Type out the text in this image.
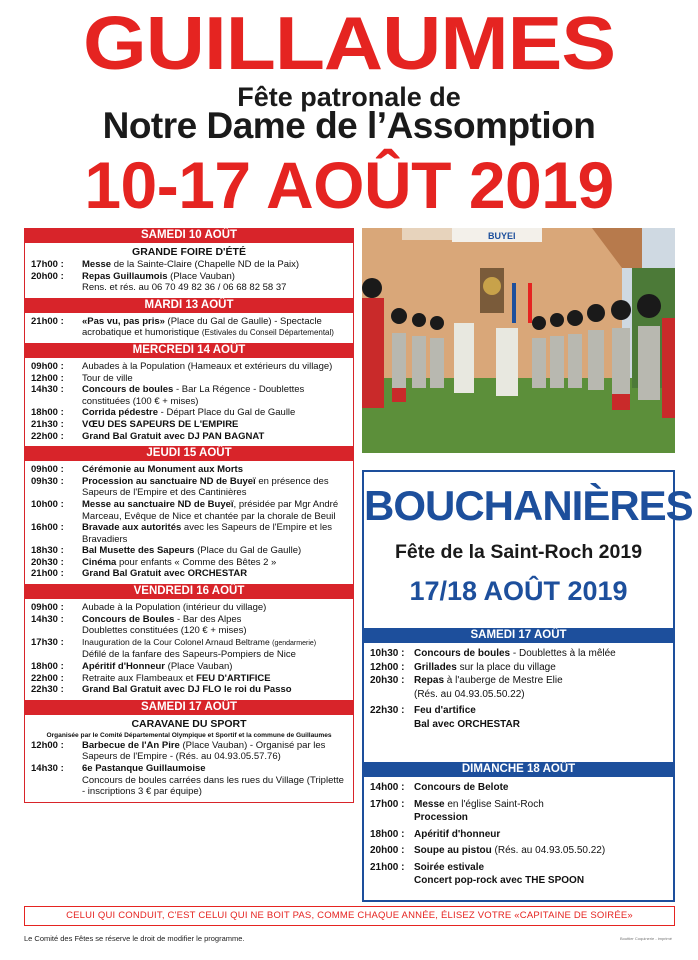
GUILLAUMES
Fête patronale de
Notre Dame de l’Assomption
10-17 AOÛT 2019
SAMEDI 10 AOÛT
GRANDE FOIRE D'ÉTÉ
17h00 :	Messe de la Sainte-Claire (Chapelle ND de la Paix)
20h00 :	Repas Guillaumois (Place Vauban)
Rens. et rés. au 06 70 49 82 36 / 06 68 82 58 37
MARDI 13 AOÛT
21h00 :	«Pas vu, pas pris» (Place du Gal de Gaulle) - Spectacle acrobatique et humoristique (Estivales du Conseil Départemental)
MERCREDI 14 AOÛT
09h00 :	Aubades à la Population (Hameaux et extérieurs du village)
12h00 :	Tour de ville
14h30 :	Concours de boules - Bar La Régence - Doublettes constituées (100 € + mises)
18h00 :	Corrida pédestre - Départ Place du Gal de Gaulle
21h30 :	VŒU DES SAPEURS DE L'EMPIRE
22h00 :	Grand Bal Gratuit avec DJ PAN BAGNAT
JEUDI 15 AOÛT
09h00 :	Cérémonie au Monument aux Morts
09h30 :	Procession au sanctuaire ND de Buyeï en présence des Sapeurs de l'Empire et des Cantinières
10h00 :	Messe au sanctuaire ND de Buyeï, présidée par Mgr André Marceau, Evêque de Nice et chantée par la chorale de Beuil
16h00 :	Bravade aux autorités avec les Sapeurs de l'Empire et les Bravadiers
18h30 :	Bal Musette des Sapeurs (Place du Gal de Gaulle)
20h30 :	Cinéma pour enfants « Comme des Bêtes 2 »
21h00 :	Grand Bal Gratuit avec ORCHESTAR
VENDREDI 16 AOÛT
09h00 :	Aubade à la Population (intérieur du village)
14h30 :	Concours de Boules - Bar des Alpes
Doublettes constituées (120 € + mises)
17h30 :	Inauguration de la Cour Colonel Arnaud Beltrame (gendarmerie)
Défilé de la fanfare des Sapeurs-Pompiers de Nice
18h00 :	Apéritif d'Honneur (Place Vauban)
22h00 :	Retraite aux Flambeaux et FEU D'ARTIFICE
22h30 :	Grand Bal Gratuit avec DJ FLO le roi du Passo
SAMEDI 17 AOÛT
CARAVANE DU SPORT
Organisée par le Comité Départemental Olympique et Sportif et la commune de Guillaumes
12h00 :	Barbecue de l'An Pire (Place Vauban) - Organisé par les Sapeurs de l'Empire - (Rés. au 04.93.05.57.76)
14h30 :	6e Pastanque Guillaumoise
Concours de boules carrées dans les rues du Village (Triplette - inscriptions 3 € par équipe)
BUYEI
BOUCHANIÈRES
Fête de la Saint-Roch 2019
17/18 AOÛT 2019
SAMEDI 17 AOÛT
10h30 : Concours de boules - Doublettes à la mêlée
12h00 : Grillades sur la place du village
20h30 : Repas à l'auberge de Mestre Elie
(Rés. au 04.93.05.50.22)
22h30 : Feu d'artifice
Bal avec ORCHESTAR
DIMANCHE 18 AOÛT
14h00 : Concours de Belote
17h00 : Messe en l'église Saint-Roch
Procession
18h00 : Apéritif d'honneur
20h00 : Soupe au pistou (Rés. au 04.93.05.50.22)
21h00 : Soirée estivale
Concert pop-rock avec THE SPOON
CELUI QUI CONDUIT, C'EST CELUI QUI NE BOIT PAS, COMME CHAQUE ANNÉE, ÉLISEZ VOTRE «CAPITAINE DE SOIRÉE»
Le Comité des Fêtes se réserve le droit de modifier le programme.	Bouttier Coquinerie - imprimé
